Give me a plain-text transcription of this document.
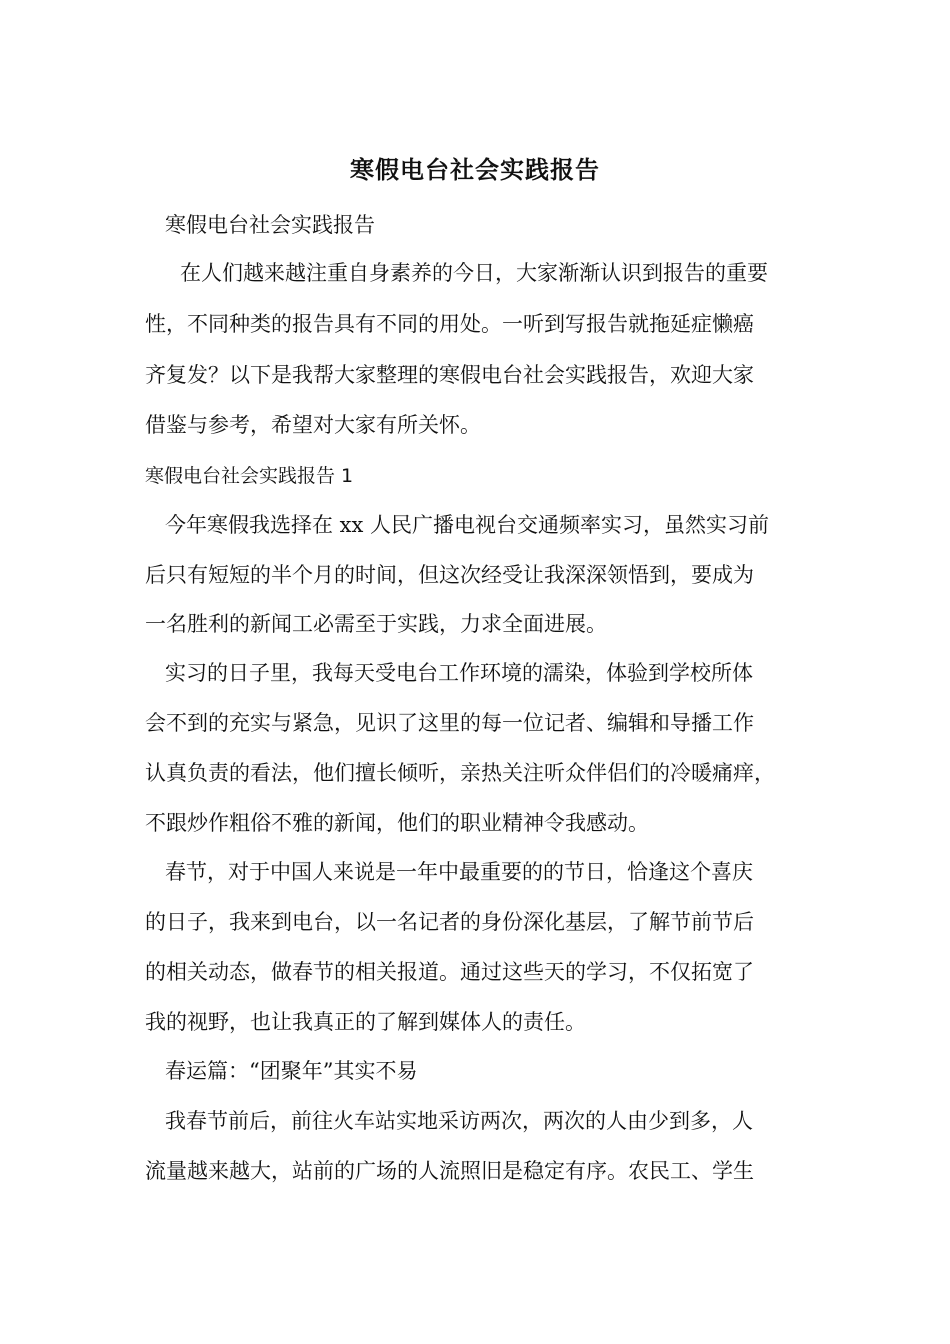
寒假电台社会实践报告
寒假电台社会实践报告
在人们越来越注重自身素养的今日，大家渐渐认识到报告的重要
性，不同种类的报告具有不同的用处。一听到写报告就拖延症懒癌
齐复发？以下是我帮大家整理的寒假电台社会实践报告，欢迎大家
借鉴与参考，希望对大家有所关怀。
寒假电台社会实践报告 1
今年寒假我选择在 xx 人民广播电视台交通频率实习，虽然实习前
后只有短短的半个月的时间，但这次经受让我深深领悟到，要成为
一名胜利的新闻工必需至于实践，力求全面进展。
实习的日子里，我每天受电台工作环境的濡染，体验到学校所体
会不到的充实与紧急，见识了这里的每一位记者、编辑和导播工作
认真负责的看法，他们擅长倾听，亲热关注听众伴侣们的冷暖痛痒，
不跟炒作粗俗不雅的新闻，他们的职业精神令我感动。
春节，对于中国人来说是一年中最重要的的节日，恰逢这个喜庆
的日子，我来到电台，以一名记者的身份深化基层，了解节前节后
的相关动态，做春节的相关报道。通过这些天的学习，不仅拓宽了
我的视野，也让我真正的了解到媒体人的责任。
春运篇：“团聚年”其实不易
我春节前后，前往火车站实地采访两次，两次的人由少到多，人
流量越来越大，站前的广场的人流照旧是稳定有序。农民工、学生
